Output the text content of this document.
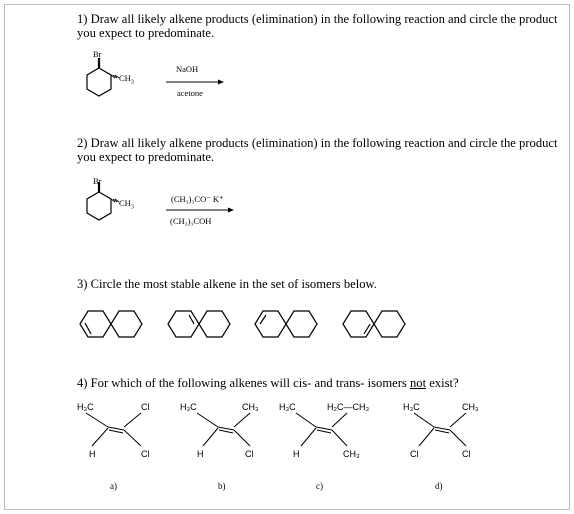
1) Draw all likely alkene products (elimination) in the following reaction and circle the product
you expect to predominate.
Br
$CH_3$
NaOH
acetone
2) Draw all likely alkene products (elimination) in the following reaction and circle the product
you expect to predominate.
Br
$CH_3$
(CH₃)₃CO⁻ K⁺
(CH₃)₃COH
3) Circle the most stable alkene in the set of isomers below.
4) For which of the following alkenes will cis- and trans- isomers not exist?
H₃C	Cl
H	Cl
a)
H₃C	CH₃
H	Cl
b)
H₃C	H₂C—CH₃
H	CH₃
c)
H₃C	CH₃
Cl	Cl
d)
